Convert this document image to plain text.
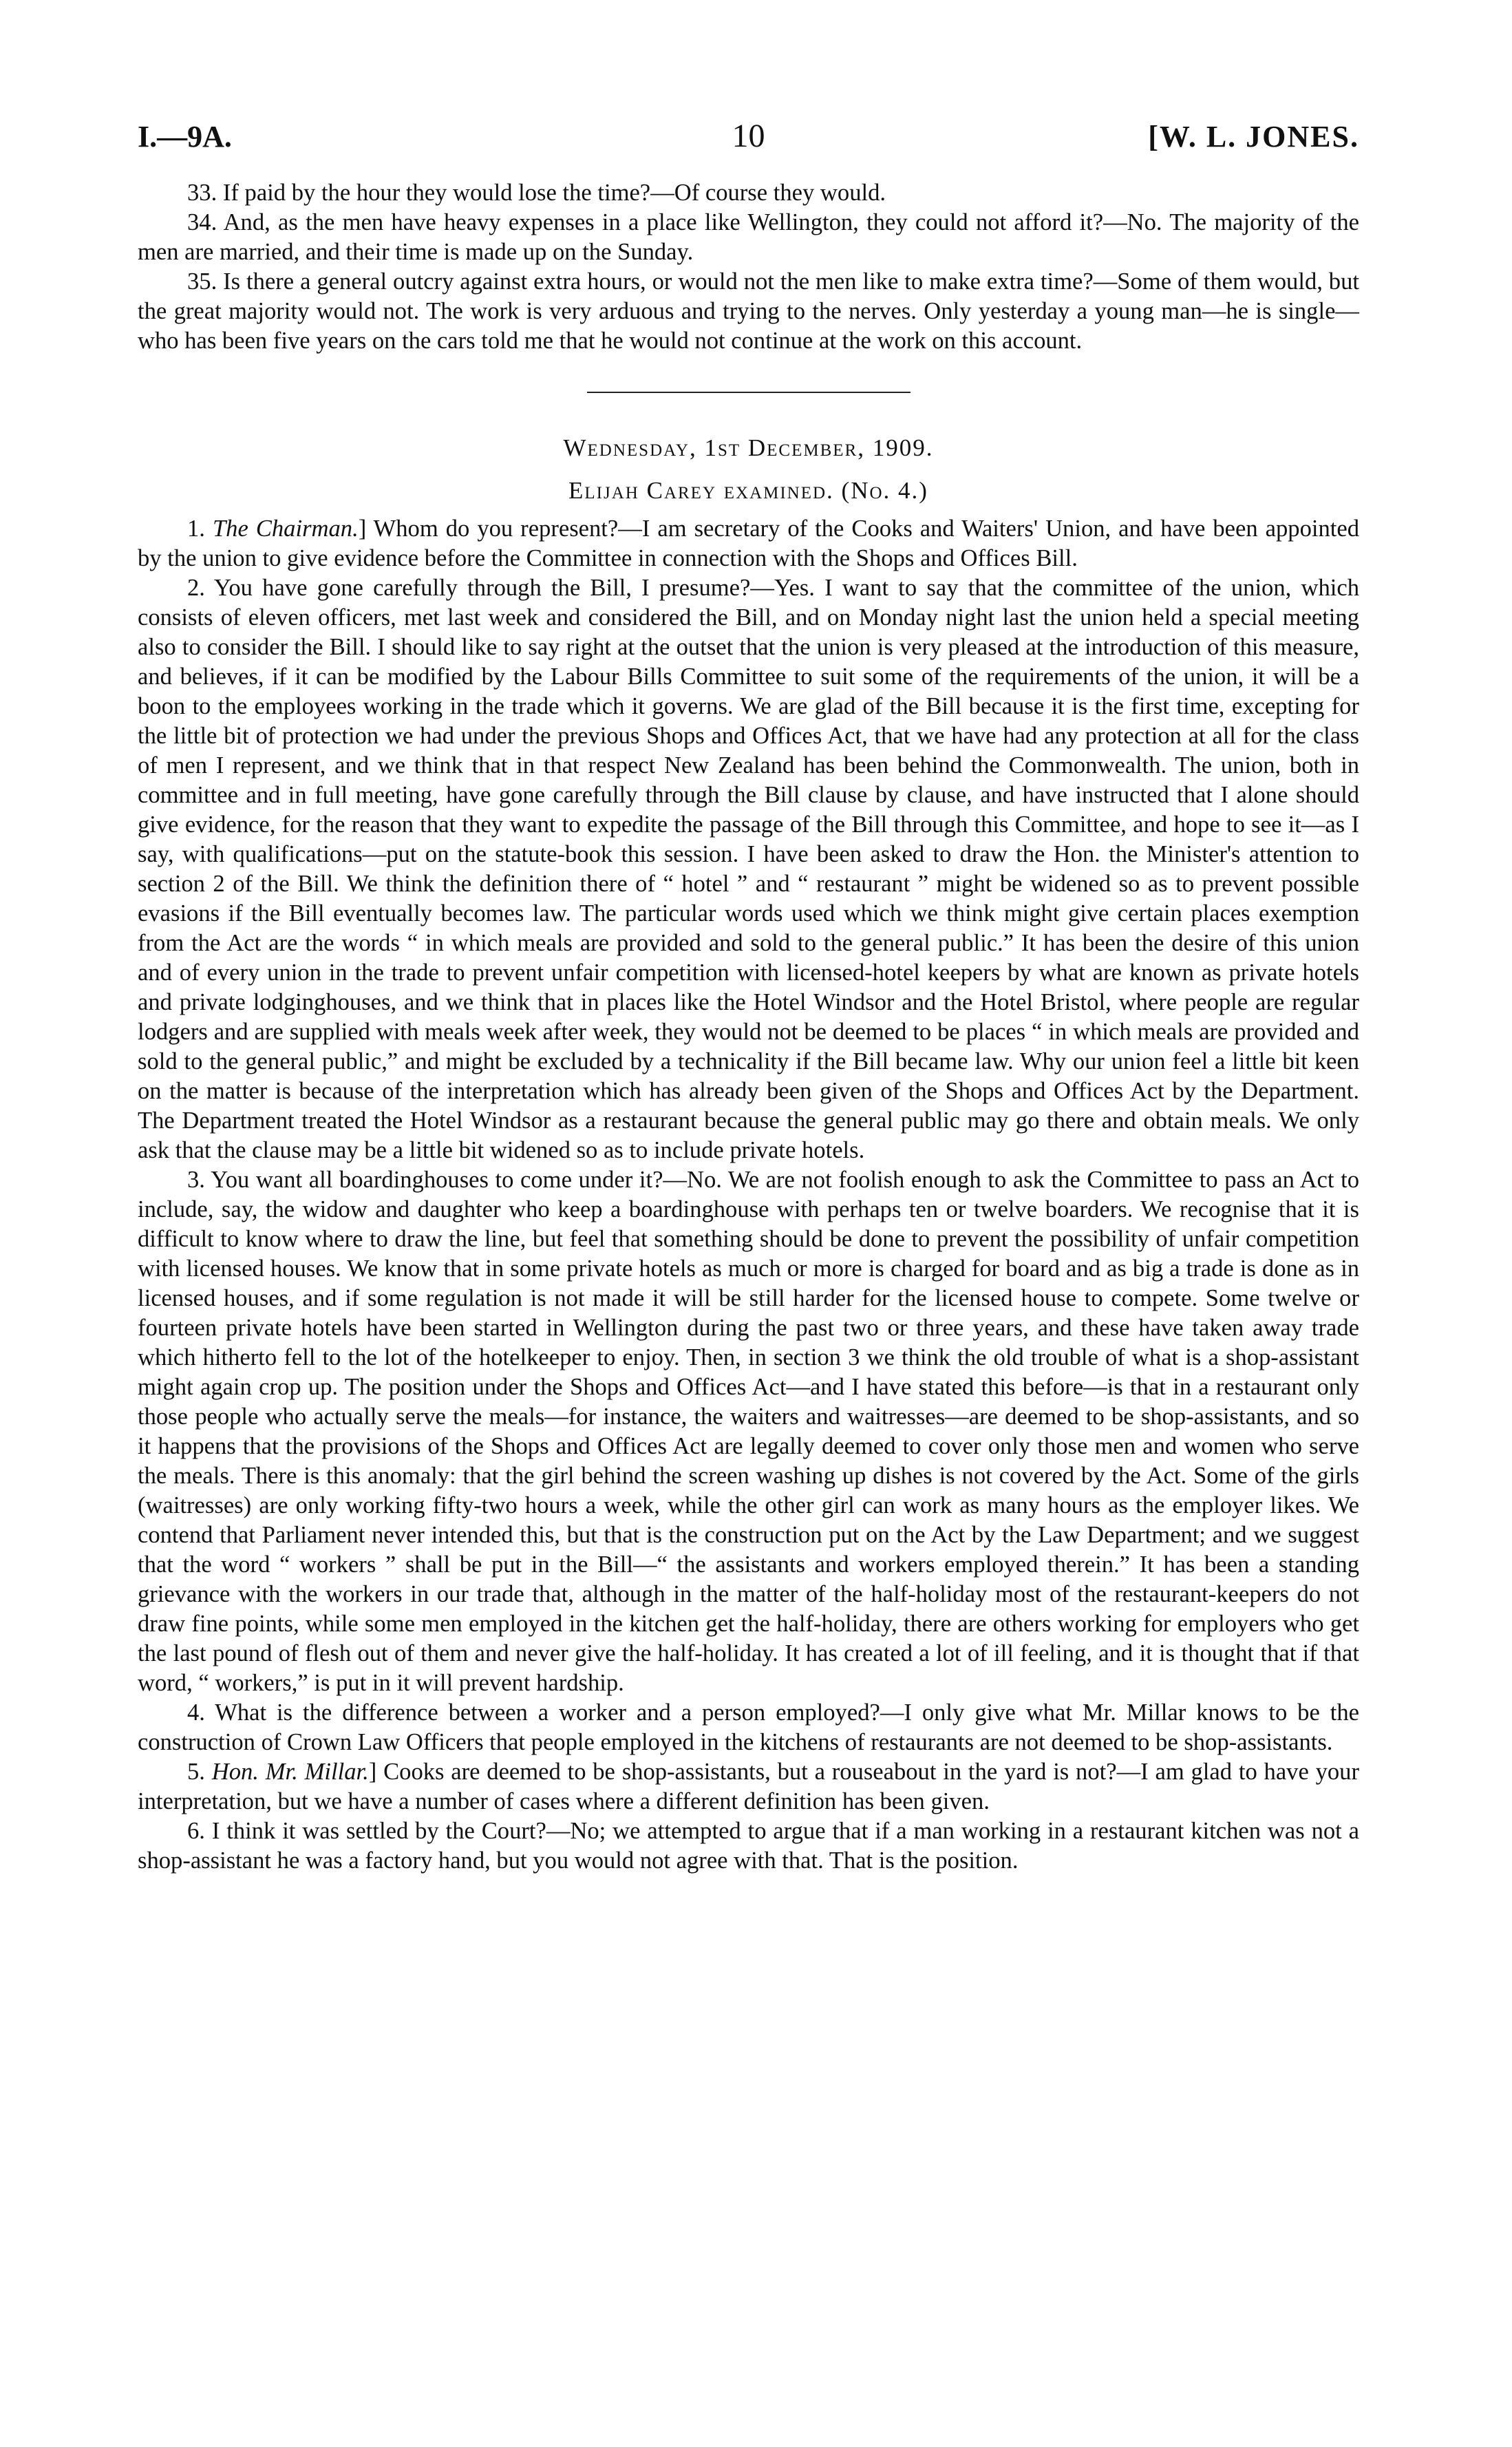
I.—9A.	10	[W. L. JONES.

33. If paid by the hour they would lose the time?—Of course they would.

34. And, as the men have heavy expenses in a place like Wellington, they could not afford it?—No. The majority of the men are married, and their time is made up on the Sunday.

35. Is there a general outcry against extra hours, or would not the men like to make extra time?—Some of them would, but the great majority would not. The work is very arduous and trying to the nerves. Only yesterday a young man—he is single—who has been five years on the cars told me that he would not continue at the work on this account.

Wednesday, 1st December, 1909.
Elijah Carey examined. (No. 4.)

1. The Chairman.] Whom do you represent?—I am secretary of the Cooks and Waiters' Union, and have been appointed by the union to give evidence before the Committee in connection with the Shops and Offices Bill.

2. You have gone carefully through the Bill, I presume?—Yes. I want to say that the committee of the union, which consists of eleven officers, met last week and considered the Bill, and on Monday night last the union held a special meeting also to consider the Bill. I should like to say right at the outset that the union is very pleased at the introduction of this measure, and believes, if it can be modified by the Labour Bills Committee to suit some of the requirements of the union, it will be a boon to the employees working in the trade which it governs. We are glad of the Bill because it is the first time, excepting for the little bit of protection we had under the previous Shops and Offices Act, that we have had any protection at all for the class of men I represent, and we think that in that respect New Zealand has been behind the Commonwealth. The union, both in committee and in full meeting, have gone carefully through the Bill clause by clause, and have instructed that I alone should give evidence, for the reason that they want to expedite the passage of the Bill through this Committee, and hope to see it—as I say, with qualifications—put on the statute-book this session. I have been asked to draw the Hon. the Minister's attention to section 2 of the Bill. We think the definition there of “ hotel ” and “ restaurant ” might be widened so as to prevent possible evasions if the Bill eventually becomes law. The particular words used which we think might give certain places exemption from the Act are the words “ in which meals are provided and sold to the general public.” It has been the desire of this union and of every union in the trade to prevent unfair competition with licensed-hotel keepers by what are known as private hotels and private lodginghouses, and we think that in places like the Hotel Windsor and the Hotel Bristol, where people are regular lodgers and are supplied with meals week after week, they would not be deemed to be places “ in which meals are provided and sold to the general public,” and might be excluded by a technicality if the Bill became law. Why our union feel a little bit keen on the matter is because of the interpretation which has already been given of the Shops and Offices Act by the Department. The Department treated the Hotel Windsor as a restaurant because the general public may go there and obtain meals. We only ask that the clause may be a little bit widened so as to include private hotels.

3. You want all boardinghouses to come under it?—No. We are not foolish enough to ask the Committee to pass an Act to include, say, the widow and daughter who keep a boardinghouse with perhaps ten or twelve boarders. We recognise that it is difficult to know where to draw the line, but feel that something should be done to prevent the possibility of unfair competition with licensed houses. We know that in some private hotels as much or more is charged for board and as big a trade is done as in licensed houses, and if some regulation is not made it will be still harder for the licensed house to compete. Some twelve or fourteen private hotels have been started in Wellington during the past two or three years, and these have taken away trade which hitherto fell to the lot of the hotelkeeper to enjoy. Then, in section 3 we think the old trouble of what is a shop-assistant might again crop up. The position under the Shops and Offices Act—and I have stated this before—is that in a restaurant only those people who actually serve the meals—for instance, the waiters and waitresses—are deemed to be shop-assistants, and so it happens that the provisions of the Shops and Offices Act are legally deemed to cover only those men and women who serve the meals. There is this anomaly: that the girl behind the screen washing up dishes is not covered by the Act. Some of the girls (waitresses) are only working fifty-two hours a week, while the other girl can work as many hours as the employer likes. We contend that Parliament never intended this, but that is the construction put on the Act by the Law Department; and we suggest that the word “ workers ” shall be put in the Bill—“ the assistants and workers employed therein.” It has been a standing grievance with the workers in our trade that, although in the matter of the half-holiday most of the restaurant-keepers do not draw fine points, while some men employed in the kitchen get the half-holiday, there are others working for employers who get the last pound of flesh out of them and never give the half-holiday. It has created a lot of ill feeling, and it is thought that if that word, “ workers,” is put in it will prevent hardship.

4. What is the difference between a worker and a person employed?—I only give what Mr. Millar knows to be the construction of Crown Law Officers that people employed in the kitchens of restaurants are not deemed to be shop-assistants.

5. Hon. Mr. Millar.] Cooks are deemed to be shop-assistants, but a rouseabout in the yard is not?—I am glad to have your interpretation, but we have a number of cases where a different definition has been given.

6. I think it was settled by the Court?—No; we attempted to argue that if a man working in a restaurant kitchen was not a shop-assistant he was a factory hand, but you would not agree with that. That is the position.
